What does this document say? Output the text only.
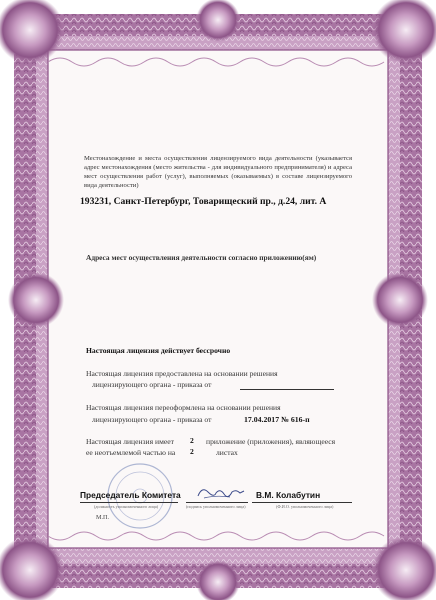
Местонахождение и места осуществления лицензируемого вида деятельности (указывается адрес местонахождения (место жительства - для индивидуального предпринимателя) и адреса мест осуществления работ (услуг), выполняемых (оказываемых) в составе лицензируемого вида деятельности)
193231, Санкт-Петербург, Товарищеский пр., д.24, лит. А
Адреса мест осуществления деятельности согласно приложению(ям)
Настоящая лицензия действует бессрочно
Настоящая лицензия предоставлена на основании решения
лицензирующего органа - приказа от
Настоящая лицензия переоформлена на основании решения
лицензирующего органа - приказа от	17.04.2017 № 616-п
Настоящая лицензия имеет 2 приложение (приложения), являющееся
ее неотъемлемой частью на 2	листах
Председатель Комитета
(должность уполномоченного лица)	(подпись уполномоченного лица)
В.М. Колабутин
(Ф.И.О. уполномоченного лица)
М.П.
